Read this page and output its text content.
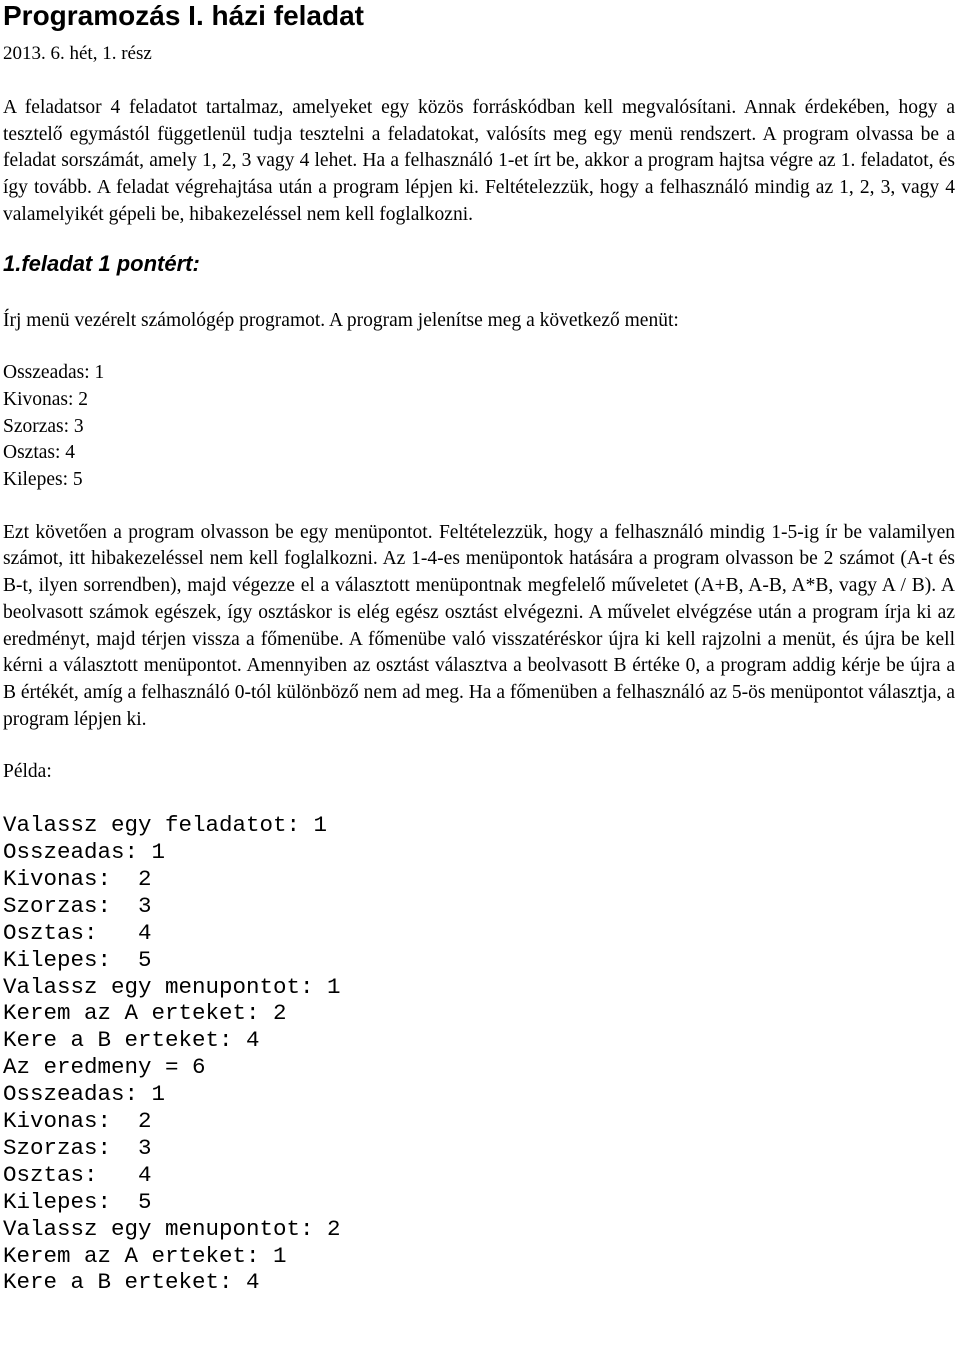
Programozás I. házi feladat

2013. 6. hét, 1. rész

A feladatsor 4 feladatot tartalmaz, amelyeket egy közös forráskódban kell megvalósítani. Annak érdekében, hogy a tesztelő egymástól függetlenül tudja tesztelni a feladatokat, valósíts meg egy menü rendszert. A program olvassa be a feladat sorszámát, amely 1, 2, 3 vagy 4 lehet. Ha a felhasználó 1-et írt be, akkor a program hajtsa végre az 1. feladatot, és így tovább. A feladat végrehajtása után a program lépjen ki. Feltételezzük, hogy a felhasználó mindig az 1, 2, 3, vagy 4 valamelyikét gépeli be, hibakezeléssel nem kell foglalkozni.

1.feladat 1 pontért:

Írj menü vezérelt számológép programot. A program jelenítse meg a következő menüt:

Osszeadas: 1
Kivonas: 2
Szorzas: 3
Osztas: 4
Kilepes: 5

Ezt követően a program olvasson be egy menüpontot. Feltételezzük, hogy a felhasználó mindig 1-5-ig ír be valamilyen számot, itt hibakezeléssel nem kell foglalkozni. Az 1-4-es menüpontok hatására a program olvasson be 2 számot (A-t és B-t, ilyen sorrendben), majd végezze el a választott menüpontnak megfelelő műveletet (A+B, A-B, A*B, vagy A / B). A beolvasott számok egészek, így osztáskor is elég egész osztást elvégezni. A művelet elvégzése után a program írja ki az eredményt, majd térjen vissza a főmenübe. A főmenübe való visszatéréskor újra ki kell rajzolni a menüt, és újra be kell kérni a választott menüpontot. Amennyiben az osztást választva a beolvasott B értéke 0, a program addig kérje be újra a B értékét, amíg a felhasználó 0-tól különböző nem ad meg. Ha a főmenüben a felhasználó az 5-ös menüpontot választja, a program lépjen ki.

Példa:

Valassz egy feladatot: 1
Osszeadas: 1
Kivonas:  2
Szorzas:  3
Osztas:   4
Kilepes:  5
Valassz egy menupontot: 1
Kerem az A erteket: 2
Kere a B erteket: 4
Az eredmeny = 6
Osszeadas: 1
Kivonas:  2
Szorzas:  3
Osztas:   4
Kilepes:  5
Valassz egy menupontot: 2
Kerem az A erteket: 1
Kere a B erteket: 4
